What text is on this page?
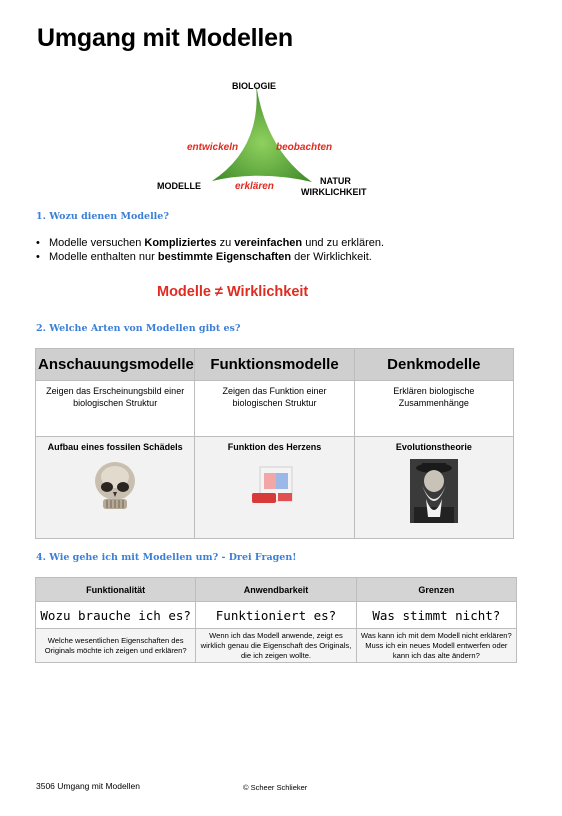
Umgang mit Modellen
BIOLOGIE
MODELLE	NATUR
WIRKLICHKEIT
entwickeln	beobachten
erklären
1. Wozu dienen Modelle?
• Modelle versuchen Kompliziertes zu vereinfachen und zu erklären.
• Modelle enthalten nur bestimmte Eigenschaften der Wirklichkeit.
Modelle ≠ Wirklichkeit
2. Welche Arten von Modellen gibt es?
Anschauungsmodelle	Funktionsmodelle	Denkmodelle
Zeigen das Erscheinungsbild einer biologischen Struktur	Zeigen das Funktion einer biologischen Struktur	Erklären biologische Zusammenhänge

Aufbau eines fossilen Schädels	Funktion des Herzens	Evolutionstheorie
4. Wie gehe ich mit Modellen um? - Drei Fragen!
Funktionalität	Anwendbarkeit	Grenzen
Wozu brauche ich es?	Funktioniert es?	Was stimmt nicht?
Welche wesentlichen Eigenschaften des Originals möchte ich zeigen und erklären?	Wenn ich das Modell anwende, zeigt es wirklich genau die Eigenschaft des Originals, die ich zeigen wollte.	Was kann ich mit dem Modell nicht erklären? Muss ich ein neues Modell entwerfen oder kann ich das alte ändern?
3506 Umgang mit Modellen	© Scheer Schlieker
